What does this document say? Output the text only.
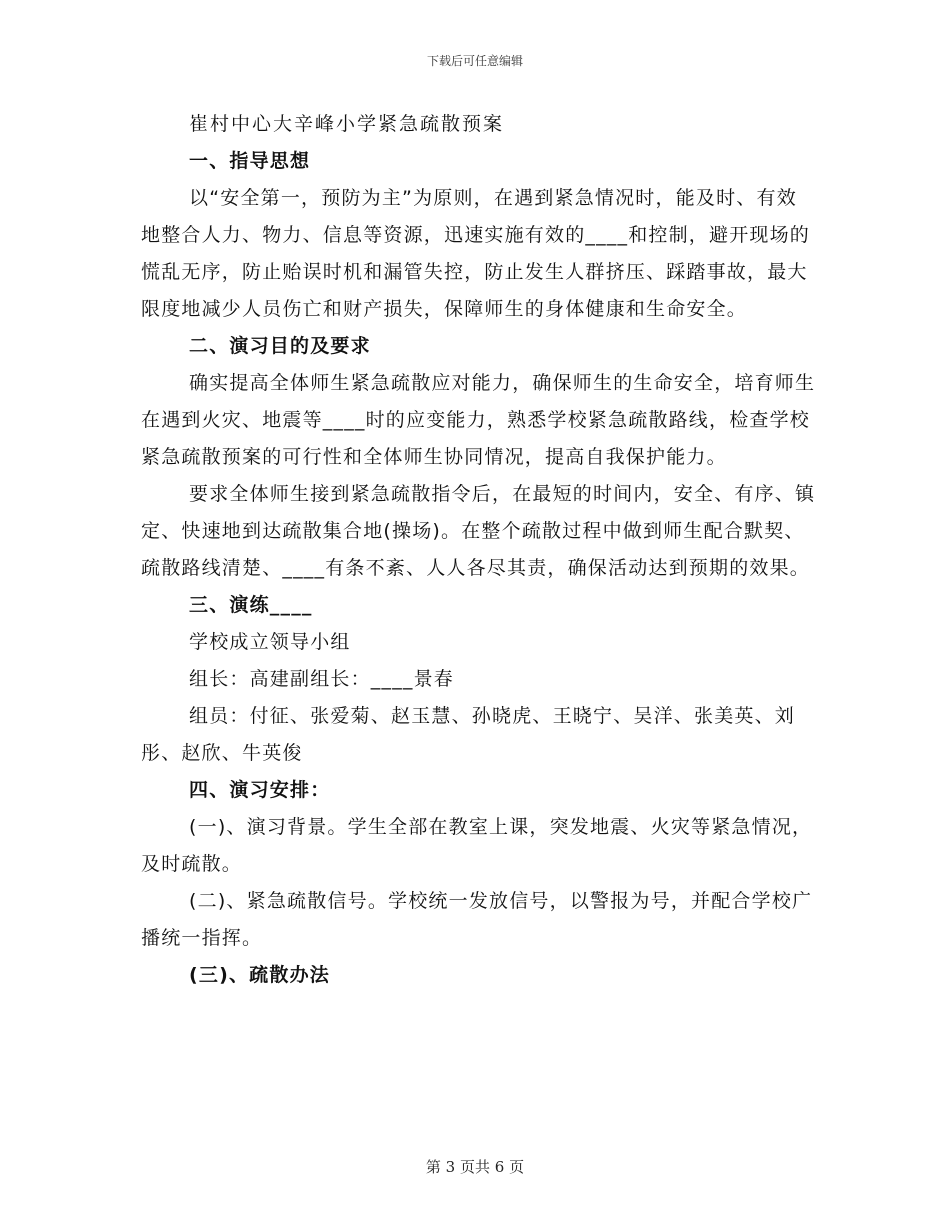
下载后可任意编辑

崔村中心大辛峰小学紧急疏散预案

一、指导思想

以“安全第一，预防为主”为原则，在遇到紧急情况时，能及时、有效地整合人力、物力、信息等资源，迅速实施有效的____和控制，避开现场的慌乱无序，防止贻误时机和漏管失控，防止发生人群挤压、踩踏事故，最大限度地减少人员伤亡和财产损失，保障师生的身体健康和生命安全。

二、演习目的及要求

确实提高全体师生紧急疏散应对能力，确保师生的生命安全，培育师生在遇到火灾、地震等____时的应变能力，熟悉学校紧急疏散路线，检查学校紧急疏散预案的可行性和全体师生协同情况，提高自我保护能力。

要求全体师生接到紧急疏散指令后，在最短的时间内，安全、有序、镇定、快速地到达疏散集合地(操场)。在整个疏散过程中做到师生配合默契、疏散路线清楚、____有条不紊、人人各尽其责，确保活动达到预期的效果。

三、演练____

学校成立领导小组

组长：高建副组长：____景春

组员：付征、张爱菊、赵玉慧、孙晓虎、王晓宁、吴洋、张美英、刘彤、赵欣、牛英俊

四、演习安排：

(一)、演习背景。学生全部在教室上课，突发地震、火灾等紧急情况，及时疏散。

(二)、紧急疏散信号。学校统一发放信号，以警报为号，并配合学校广播统一指挥。

(三)、疏散办法

第 3 页共 6 页
